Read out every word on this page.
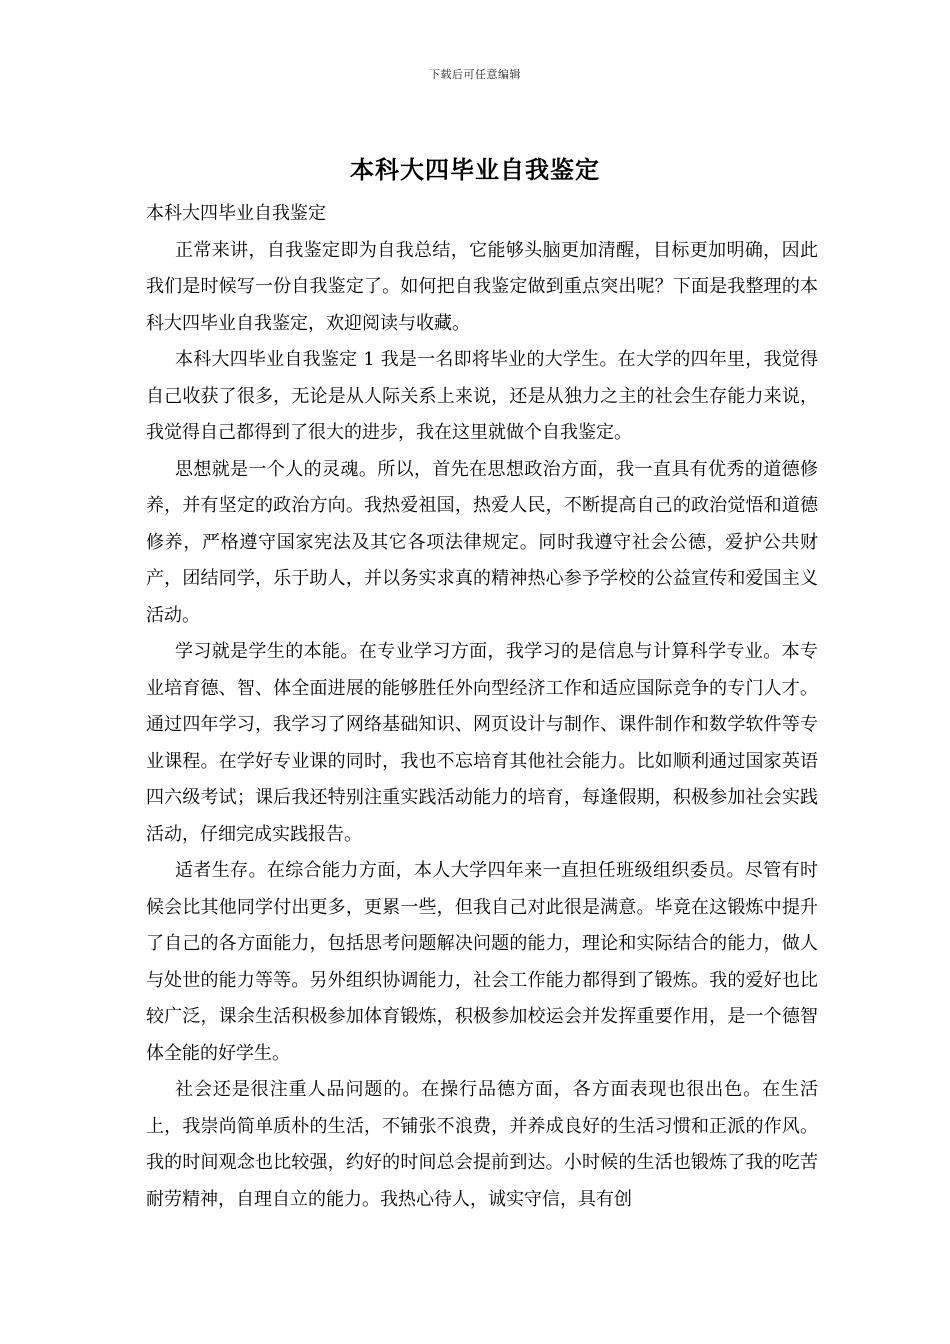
下载后可任意编辑
本科大四毕业自我鉴定

本科大四毕业自我鉴定

正常来讲，自我鉴定即为自我总结，它能够头脑更加清醒，目标更加明确，因此我们是时候写一份自我鉴定了。如何把自我鉴定做到重点突出呢？下面是我整理的本科大四毕业自我鉴定，欢迎阅读与收藏。

本科大四毕业自我鉴定 1 我是一名即将毕业的大学生。在大学的四年里，我觉得自己收获了很多，无论是从人际关系上来说，还是从独力之主的社会生存能力来说，我觉得自己都得到了很大的进步，我在这里就做个自我鉴定。

思想就是一个人的灵魂。所以，首先在思想政治方面，我一直具有优秀的道德修养，并有坚定的政治方向。我热爱祖国，热爱人民，不断提高自己的政治觉悟和道德修养，严格遵守国家宪法及其它各项法律规定。同时我遵守社会公德，爱护公共财产，团结同学，乐于助人，并以务实求真的精神热心参予学校的公益宣传和爱国主义活动。

学习就是学生的本能。在专业学习方面，我学习的是信息与计算科学专业。本专业培育德、智、体全面进展的能够胜任外向型经济工作和适应国际竞争的专门人才。通过四年学习，我学习了网络基础知识、网页设计与制作、课件制作和数学软件等专业课程。在学好专业课的同时，我也不忘培育其他社会能力。比如顺利通过国家英语四六级考试；课后我还特别注重实践活动能力的培育，每逢假期，积极参加社会实践活动，仔细完成实践报告。

适者生存。在综合能力方面，本人大学四年来一直担任班级组织委员。尽管有时候会比其他同学付出更多，更累一些，但我自己对此很是满意。毕竟在这锻炼中提升了自己的各方面能力，包括思考问题解决问题的能力，理论和实际结合的能力，做人与处世的能力等等。另外组织协调能力，社会工作能力都得到了锻炼。我的爱好也比较广泛，课余生活积极参加体育锻炼，积极参加校运会并发挥重要作用，是一个德智体全能的好学生。

社会还是很注重人品问题的。在操行品德方面，各方面表现也很出色。在生活上，我崇尚简单质朴的生活，不铺张不浪费，并养成良好的生活习惯和正派的作风。我的时间观念也比较强，约好的时间总会提前到达。小时候的生活也锻炼了我的吃苦耐劳精神，自理自立的能力。我热心待人，诚实守信，具有创
